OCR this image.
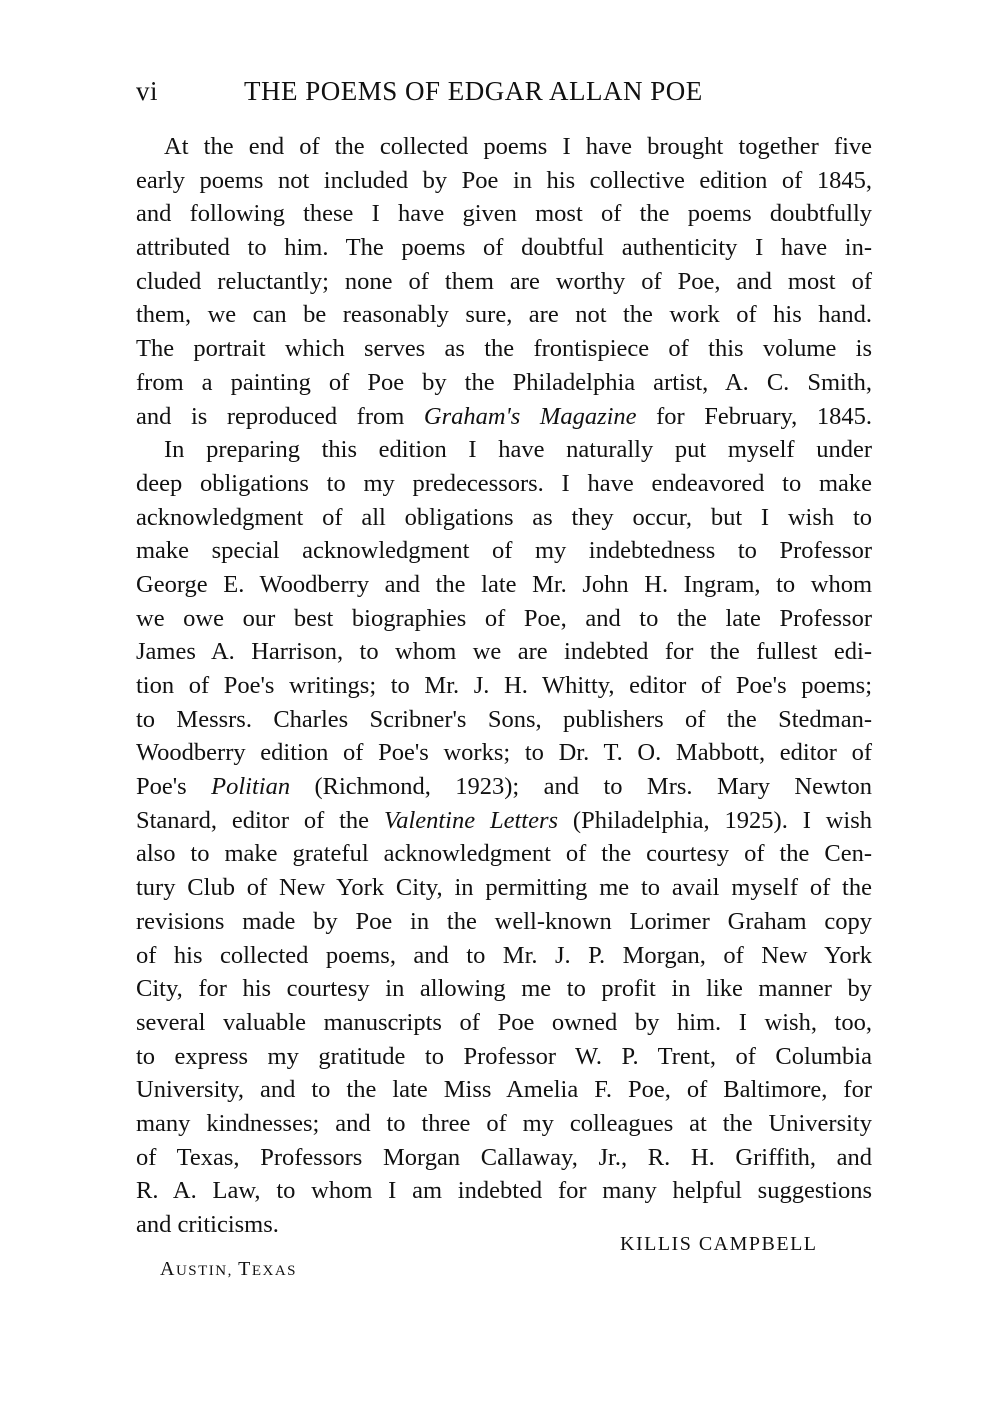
vi	THE POEMS OF EDGAR ALLAN POE
At the end of the collected poems I have brought together five
early poems not included by Poe in his collective edition of 1845,
and following these I have given most of the poems doubtfully
attributed to him. The poems of doubtful authenticity I have in-
cluded reluctantly; none of them are worthy of Poe, and most of
them, we can be reasonably sure, are not the work of his hand.
The portrait which serves as the frontispiece of this volume is
from a painting of Poe by the Philadelphia artist, A. C. Smith,
and is reproduced from Graham's Magazine for February, 1845.
In preparing this edition I have naturally put myself under
deep obligations to my predecessors. I have endeavored to make
acknowledgment of all obligations as they occur, but I wish to
make special acknowledgment of my indebtedness to Professor
George E. Woodberry and the late Mr. John H. Ingram, to whom
we owe our best biographies of Poe, and to the late Professor
James A. Harrison, to whom we are indebted for the fullest edi-
tion of Poe's writings; to Mr. J. H. Whitty, editor of Poe's poems;
to Messrs. Charles Scribner's Sons, publishers of the Stedman-
Woodberry edition of Poe's works; to Dr. T. O. Mabbott, editor of
Poe's Politian (Richmond, 1923); and to Mrs. Mary Newton
Stanard, editor of the Valentine Letters (Philadelphia, 1925). I wish
also to make grateful acknowledgment of the courtesy of the Cen-
tury Club of New York City, in permitting me to avail myself of the
revisions made by Poe in the well-known Lorimer Graham copy
of his collected poems, and to Mr. J. P. Morgan, of New York
City, for his courtesy in allowing me to profit in like manner by
several valuable manuscripts of Poe owned by him. I wish, too,
to express my gratitude to Professor W. P. Trent, of Columbia
University, and to the late Miss Amelia F. Poe, of Baltimore, for
many kindnesses; and to three of my colleagues at the University
of Texas, Professors Morgan Callaway, Jr., R. H. Griffith, and
R. A. Law, to whom I am indebted for many helpful suggestions
and criticisms.
KILLIS CAMPBELL
AUSTIN, TEXAS
